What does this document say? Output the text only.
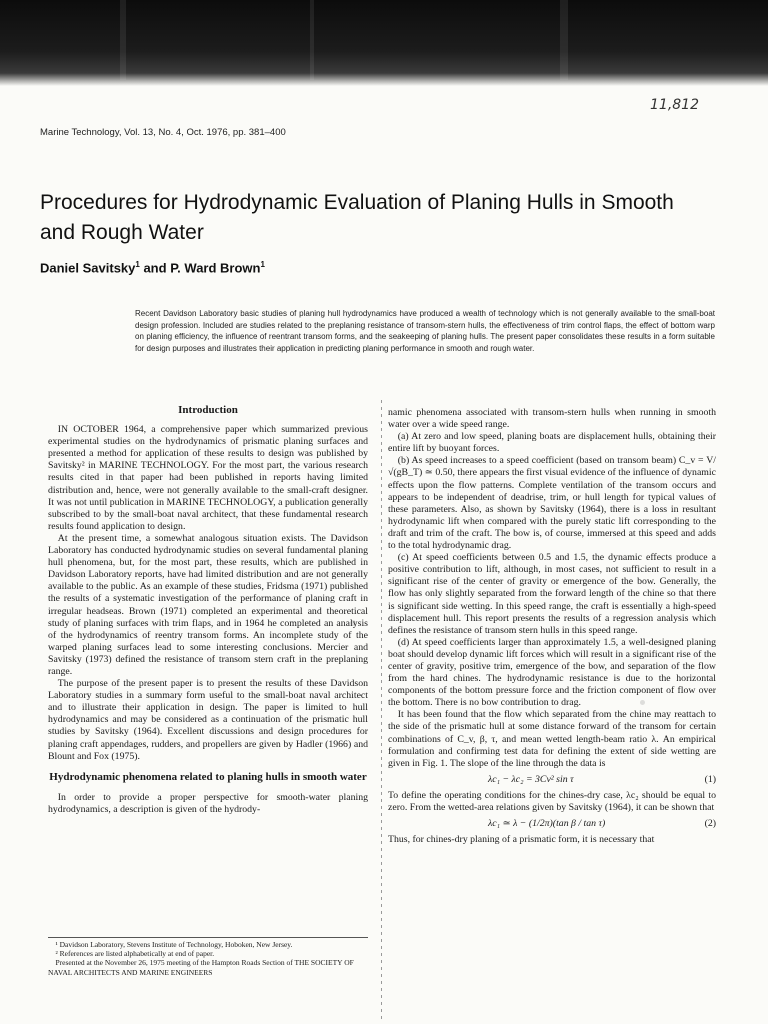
11,812
Marine Technology, Vol. 13, No. 4, Oct. 1976, pp. 381–400
Procedures for Hydrodynamic Evaluation of Planing Hulls in Smooth and Rough Water
Daniel Savitsky$^1$ and P. Ward Brown$^1$
Recent Davidson Laboratory basic studies of planing hull hydrodynamics have produced a wealth of technology which is not generally available to the small-boat design profession. Included are studies related to the preplaning resistance of transom-stern hulls, the effectiveness of trim control flaps, the effect of bottom warp on planing efficiency, the influence of reentrant transom forms, and the seakeeping of planing hulls. The present paper consolidates these results in a form suitable for design purposes and illustrates their application in predicting planing performance in smooth and rough water.
Introduction

IN OCTOBER 1964, a comprehensive paper which summarized previous experimental studies on the hydrodynamics of prismatic planing surfaces and presented a method for application of these results to design was published by Savitsky² in MARINE TECHNOLOGY. For the most part, the various research results cited in that paper had been published in reports having limited distribution and, hence, were not generally available to the small-craft designer. It was not until publication in MARINE TECHNOLOGY, a publication generally subscribed to by the small-boat naval architect, that these fundamental research results found application to design.

At the present time, a somewhat analogous situation exists. The Davidson Laboratory has conducted hydrodynamic studies on several fundamental planing hull phenomena, but, for the most part, these results, which are published in Davidson Laboratory reports, have had limited distribution and are not generally available to the public. As an example of these studies, Fridsma (1971) published the results of a systematic investigation of the performance of planing craft in irregular headseas. Brown (1971) completed an experimental and theoretical study of planing surfaces with trim flaps, and in 1964 he completed an analysis of the hydrodynamics of reentry transom forms. An incomplete study of the warped planing surfaces lead to some interesting conclusions. Mercier and Savitsky (1973) defined the resistance of transom stern craft in the preplaning range.

The purpose of the present paper is to present the results of these Davidson Laboratory studies in a summary form useful to the small-boat naval architect and to illustrate their application in design. The paper is limited to hull hydrodynamics and may be considered as a continuation of the prismatic hull studies by Savitsky (1964). Excellent discussions and design procedures for planing craft appendages, rudders, and propellers are given by Hadler (1966) and Blount and Fox (1975).

Hydrodynamic phenomena related to planing hulls in smooth water

In order to provide a proper perspective for smooth-water planing hydrodynamics, a description is given of the hydrody-

¹ Davidson Laboratory, Stevens Institute of Technology, Hoboken, New Jersey.
² References are listed alphabetically at end of paper.
Presented at the November 26, 1975 meeting of the Hampton Roads Section of THE SOCIETY OF NAVAL ARCHITECTS AND MARINE ENGINEERS

namic phenomena associated with transom-stern hulls when running in smooth water over a wide speed range.

(a) At zero and low speed, planing boats are displacement hulls, obtaining their entire lift by buoyant forces.

(b) As speed increases to a speed coefficient (based on transom beam) C_v = V/√(gB_T) ≃ 0.50, there appears the first visual evidence of the influence of dynamic effects upon the flow patterns. Complete ventilation of the transom occurs and appears to be independent of deadrise, trim, or hull length for typical values of these parameters. Also, as shown by Savitsky (1964), there is a loss in resultant hydrodynamic lift when compared with the purely static lift corresponding to the draft and trim of the craft. The bow is, of course, immersed at this speed and adds to the total hydrodynamic drag.

(c) At speed coefficients between 0.5 and 1.5, the dynamic effects produce a positive contribution to lift, although, in most cases, not sufficient to result in a significant rise of the center of gravity or emergence of the bow. Generally, the flow has only slightly separated from the forward length of the chine so that there is significant side wetting. In this speed range, the craft is essentially a high-speed displacement hull. This report presents the results of a regression analysis which defines the resistance of transom stern hulls in this speed range.

(d) At speed coefficients larger than approximately 1.5, a well-designed planing boat should develop dynamic lift forces which will result in a significant rise of the center of gravity, positive trim, emergence of the bow, and separation of the flow from the hard chines. The hydrodynamic resistance is due to the horizontal components of the bottom pressure force and the friction component of flow over the bottom. There is no bow contribution to drag.

It has been found that the flow which separated from the chine may reattach to the side of the prismatic hull at some distance forward of the transom for certain combinations of C_v, β, τ, and mean wetted length-beam ratio λ. An empirical formulation and confirming test data for defining the extent of side wetting are given in Fig. 1. The slope of the line through the data is

λc₁ − λc₂ = 3Cv² sin τ	(1)

To define the operating conditions for the chines-dry case, λc₂ should be equal to zero. From the wetted-area relations given by Savitsky (1964), it can be shown that

λc₁ ≃ λ − (1/2π)(tan β / tan τ)	(2)

Thus, for chines-dry planing of a prismatic form, it is necessary that
